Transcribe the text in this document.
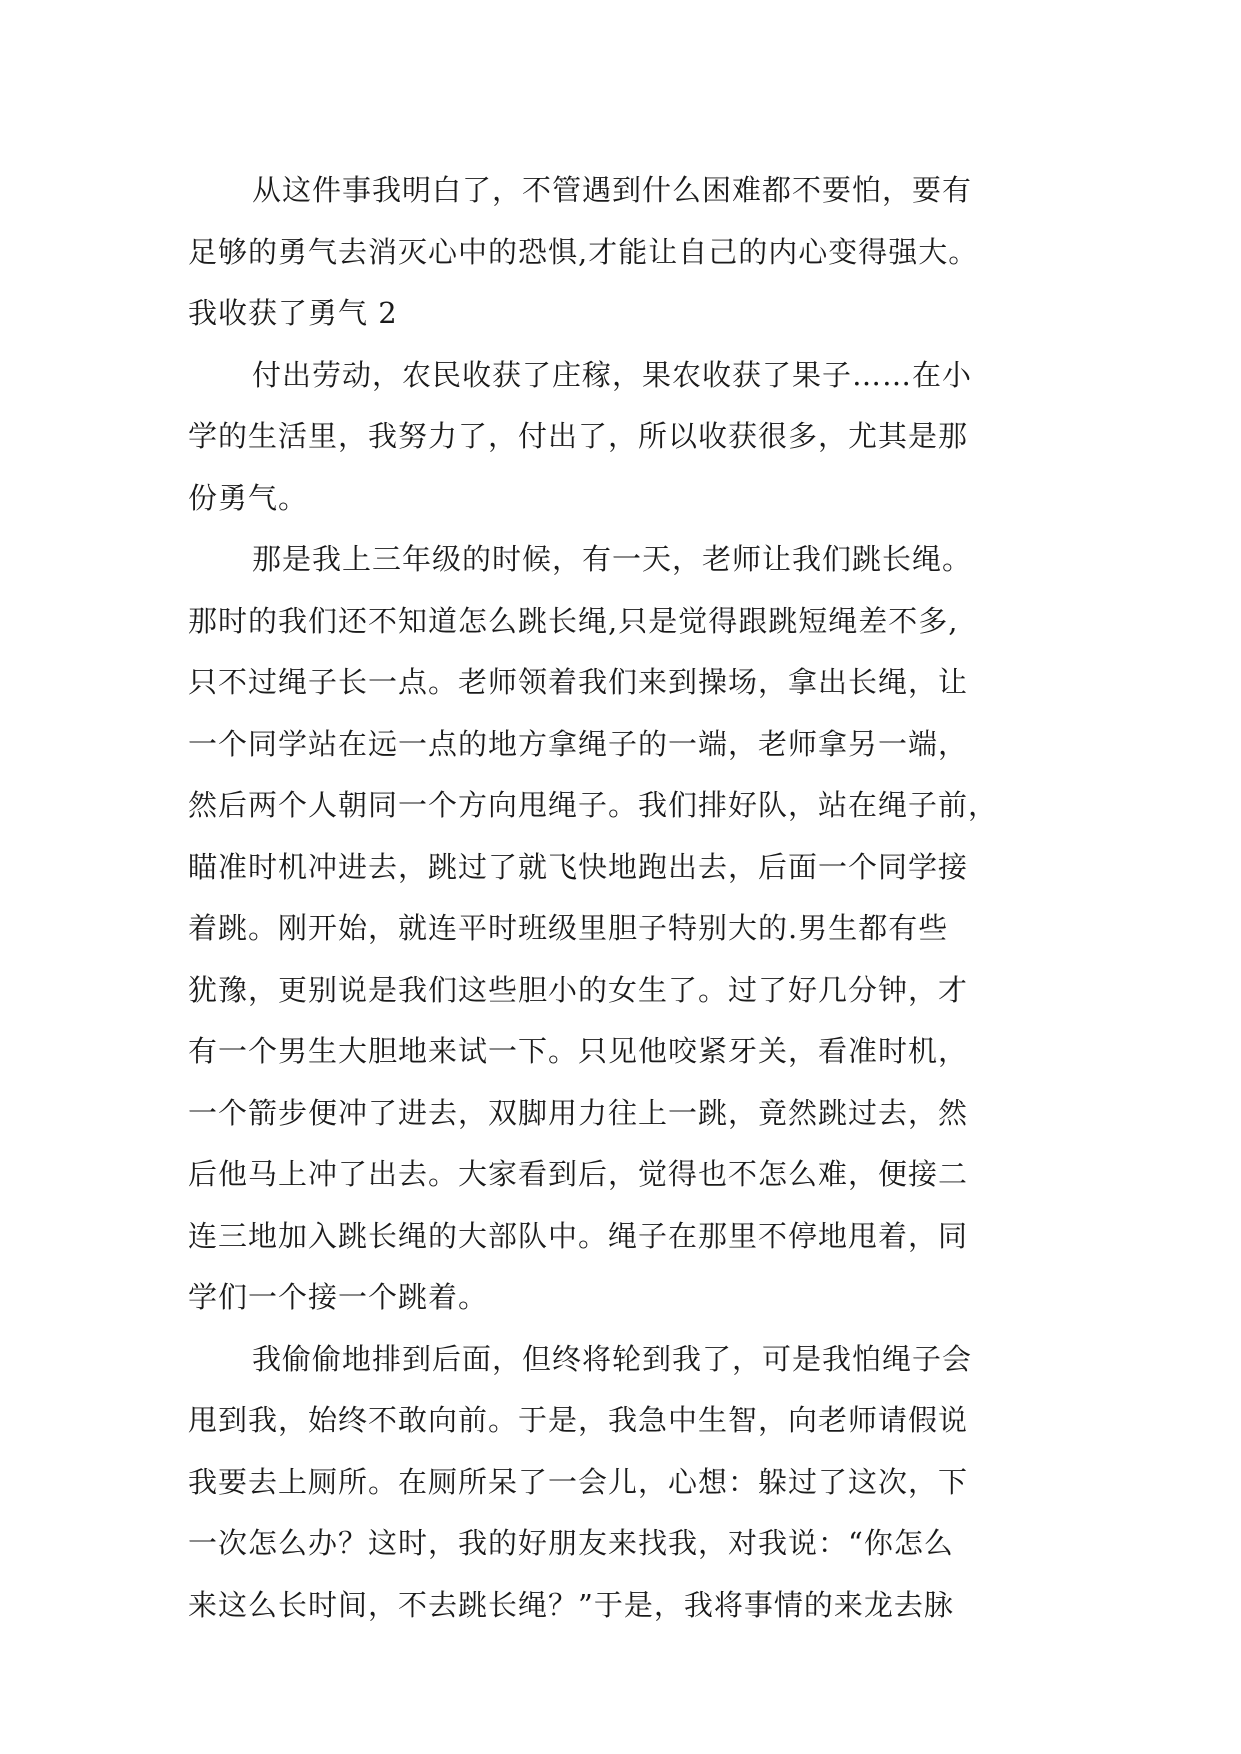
从这件事我明白了，不管遇到什么困难都不要怕，要有
足够的勇气去消灭心中的恐惧,才能让自己的内心变得强大。
我收获了勇气 2
付出劳动，农民收获了庄稼，果农收获了果子……在小
学的生活里，我努力了，付出了，所以收获很多，尤其是那
份勇气。
那是我上三年级的时候，有一天，老师让我们跳长绳。
那时的我们还不知道怎么跳长绳,只是觉得跟跳短绳差不多,
只不过绳子长一点。老师领着我们来到操场，拿出长绳，让
一个同学站在远一点的地方拿绳子的一端，老师拿另一端，
然后两个人朝同一个方向甩绳子。我们排好队，站在绳子前，
瞄准时机冲进去，跳过了就飞快地跑出去，后面一个同学接
着跳。刚开始，就连平时班级里胆子特别大的.男生都有些
犹豫，更别说是我们这些胆小的女生了。过了好几分钟，才
有一个男生大胆地来试一下。只见他咬紧牙关，看准时机，
一个箭步便冲了进去，双脚用力往上一跳，竟然跳过去，然
后他马上冲了出去。大家看到后，觉得也不怎么难，便接二
连三地加入跳长绳的大部队中。绳子在那里不停地甩着，同
学们一个接一个跳着。
我偷偷地排到后面，但终将轮到我了，可是我怕绳子会
甩到我，始终不敢向前。于是，我急中生智，向老师请假说
我要去上厕所。在厕所呆了一会儿，心想：躲过了这次，下
一次怎么办？这时，我的好朋友来找我，对我说：“你怎么
来这么长时间，不去跳长绳？”于是，我将事情的来龙去脉
